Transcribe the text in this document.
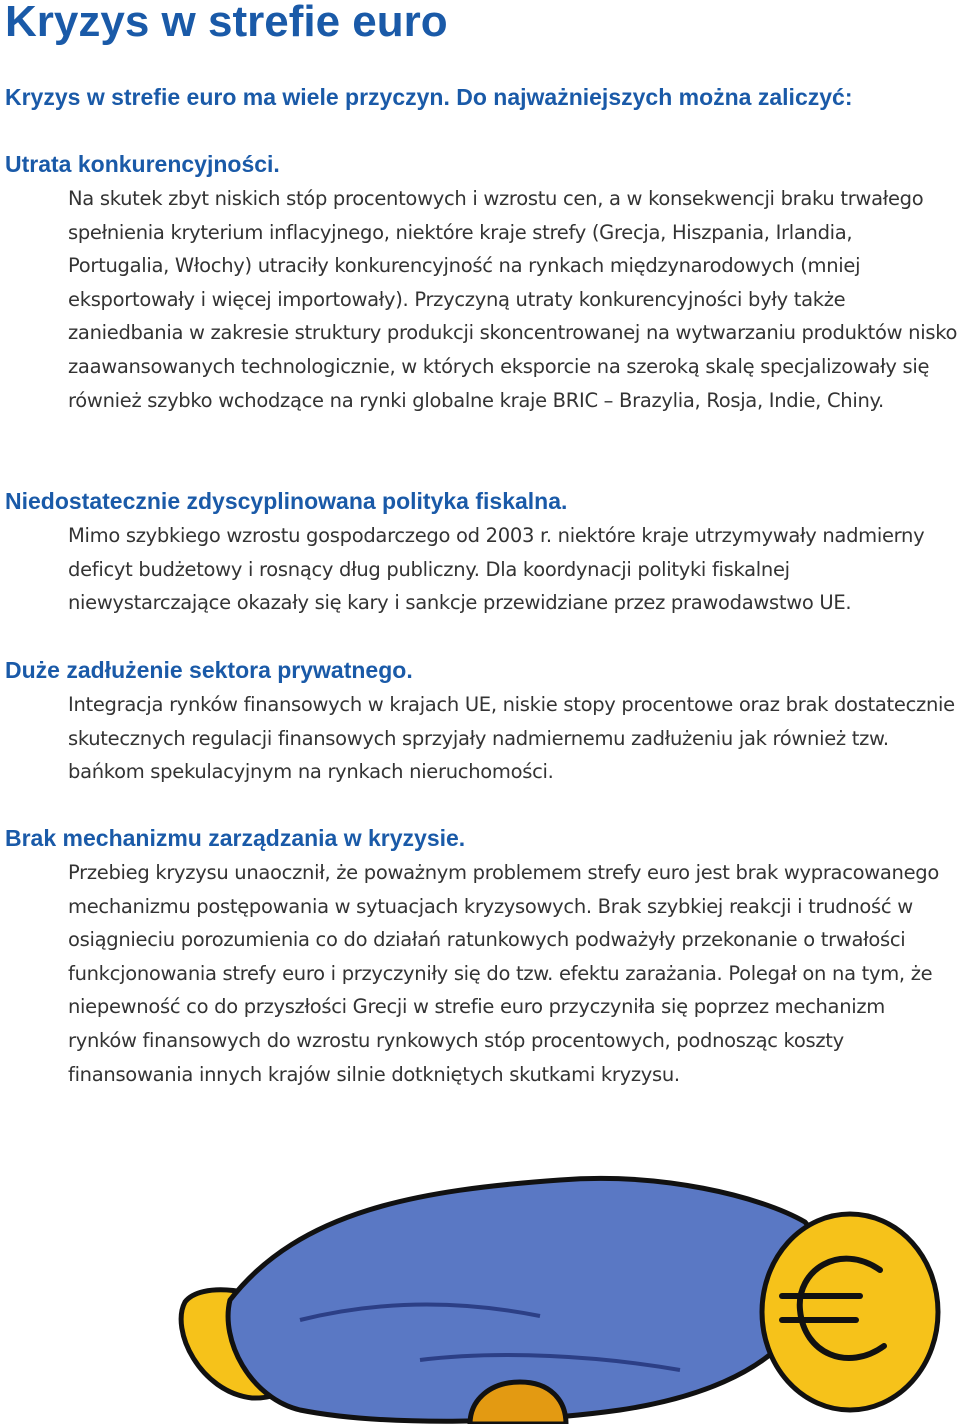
Kryzys w strefie euro

Kryzys w strefie euro ma wiele przyczyn. Do najważniejszych można zaliczyć:

Utrata konkurencyjności.

Na skutek zbyt niskich stóp procentowych i wzrostu cen, a w konsekwencji braku trwałego spełnienia kryterium inflacyjnego, niektóre kraje strefy (Grecja, Hiszpania, Irlandia, Portugalia, Włochy) utraciły konkurencyjność na rynkach międzynarodowych (mniej eksportowały i więcej importowały). Przyczyną utraty konkurencyjności były także zaniedbania w zakresie struktury produkcji skoncentrowanej na wytwarzaniu produktów nisko zaawansowanych technologicznie, w których eksporcie na szeroką skalę specjalizowały się również szybko wchodzące na rynki globalne kraje BRIC – Brazylia, Rosja, Indie, Chiny.

Niedostatecznie zdyscyplinowana polityka fiskalna.

Mimo szybkiego wzrostu gospodarczego od 2003 r. niektóre kraje utrzymywały nadmierny deficyt budżetowy i rosnący dług publiczny. Dla koordynacji polityki fiskalnej niewystarczające okazały się kary i sankcje przewidziane przez prawodawstwo UE.

Duże zadłużenie sektora prywatnego.

Integracja rynków finansowych w krajach UE, niskie stopy procentowe oraz brak dostatecznie skutecznych regulacji finansowych sprzyjały nadmiernemu zadłużeniu jak również tzw. bańkom spekulacyjnym na rynkach nieruchomości.

Brak mechanizmu zarządzania w kryzysie.

Przebieg kryzysu unaocznił, że poważnym problemem strefy euro jest brak wypracowanego mechanizmu postępowania w sytuacjach kryzysowych. Brak szybkiej reakcji i trudność w osiągnieciu porozumienia co do działań ratunkowych podważyły przekonanie o trwałości funkcjonowania strefy euro i przyczyniły się do tzw. efektu zarażania. Polegał on na tym, że niepewność co do przyszłości Grecji w strefie euro przyczyniła się poprzez mechanizm rynków finansowych do wzrostu rynkowych stóp procentowych, podnosząc koszty finansowania innych krajów silnie dotkniętych skutkami kryzysu.
